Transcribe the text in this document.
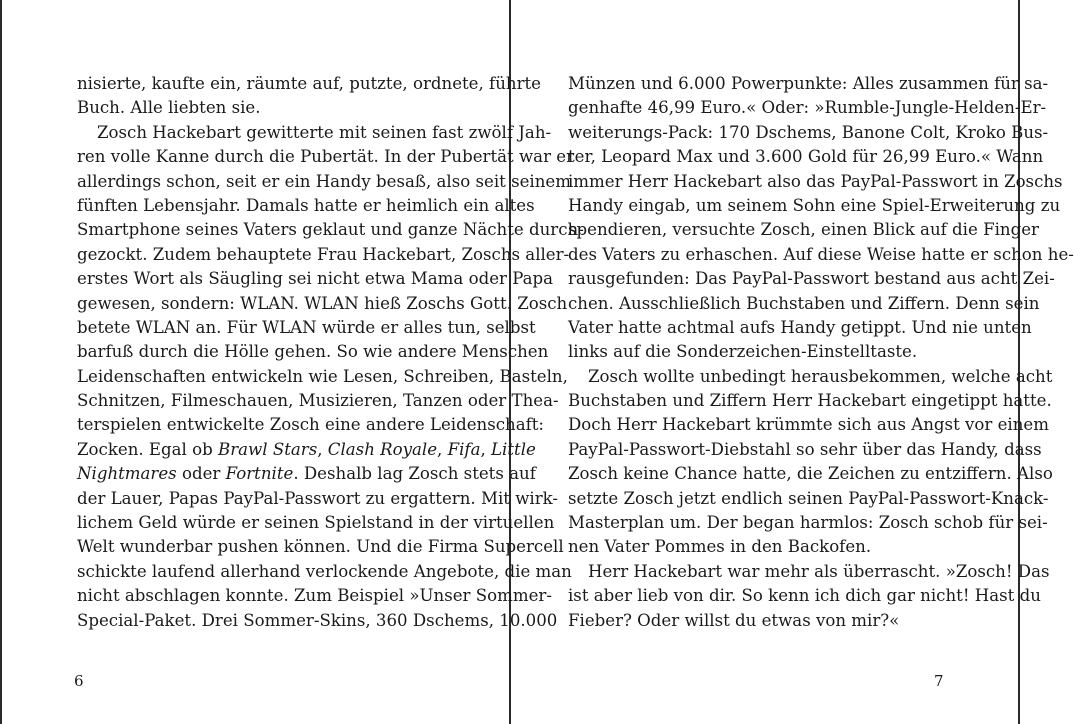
nisierte, kaufte ein, räumte auf, putzte, ordnete, führte
Buch. Alle liebten sie.
Zosch Hackebart gewitterte mit seinen fast zwölf Jah-
ren volle Kanne durch die Pubertät. In der Pubertät war er
allerdings schon, seit er ein Handy besaß, also seit seinem
fünften Lebensjahr. Damals hatte er heimlich ein altes
Smartphone seines Vaters geklaut und ganze Nächte durch-
gezockt. Zudem behauptete Frau Hackebart, Zoschs aller-
erstes Wort als Säugling sei nicht etwa Mama oder Papa
gewesen, sondern: WLAN. WLAN hieß Zoschs Gott. Zosch
betete WLAN an. Für WLAN würde er alles tun, selbst
barfuß durch die Hölle gehen. So wie andere Menschen
Leidenschaften entwickeln wie Lesen, Schreiben, Basteln,
Schnitzen, Filmeschauen, Musizieren, Tanzen oder Thea-
terspielen entwickelte Zosch eine andere Leidenschaft:
Zocken. Egal ob Brawl Stars, Clash Royale, Fifa, Little
Nightmares oder Fortnite. Deshalb lag Zosch stets auf
der Lauer, Papas PayPal-Passwort zu ergattern. Mit wirk-
lichem Geld würde er seinen Spielstand in der virtuellen
Welt wunderbar pushen können. Und die Firma Supercell
schickte laufend allerhand verlockende Angebote, die man
nicht abschlagen konnte. Zum Beispiel »Unser Sommer-
Special-Paket. Drei Sommer-Skins, 360 Dschems, 10.000
6
Münzen und 6.000 Powerpunkte: Alles zusammen für sa-
genhafte 46,99 Euro.« Oder: »Rumble-Jungle-Helden-Er-
weiterungs-Pack: 170 Dschems, Banone Colt, Kroko Bus-
ter, Leopard Max und 3.600 Gold für 26,99 Euro.« Wann
immer Herr Hackebart also das PayPal-Passwort in Zoschs
Handy eingab, um seinem Sohn eine Spiel-Erweiterung zu
spendieren, versuchte Zosch, einen Blick auf die Finger
des Vaters zu erhaschen. Auf diese Weise hatte er schon he-
rausgefunden: Das PayPal-Passwort bestand aus acht Zei-
chen. Ausschließlich Buchstaben und Ziffern. Denn sein
Vater hatte achtmal aufs Handy getippt. Und nie unten
links auf die Sonderzeichen-Einstelltaste.
Zosch wollte unbedingt herausbekommen, welche acht
Buchstaben und Ziffern Herr Hackebart eingetippt hatte.
Doch Herr Hackebart krümmte sich aus Angst vor einem
PayPal-Passwort-Diebstahl so sehr über das Handy, dass
Zosch keine Chance hatte, die Zeichen zu entziffern. Also
setzte Zosch jetzt endlich seinen PayPal-Passwort-Knack-
Masterplan um. Der began harmlos: Zosch schob für sei-
nen Vater Pommes in den Backofen.
Herr Hackebart war mehr als überrascht. »Zosch! Das
ist aber lieb von dir. So kenn ich dich gar nicht! Hast du
Fieber? Oder willst du etwas von mir?«
7
